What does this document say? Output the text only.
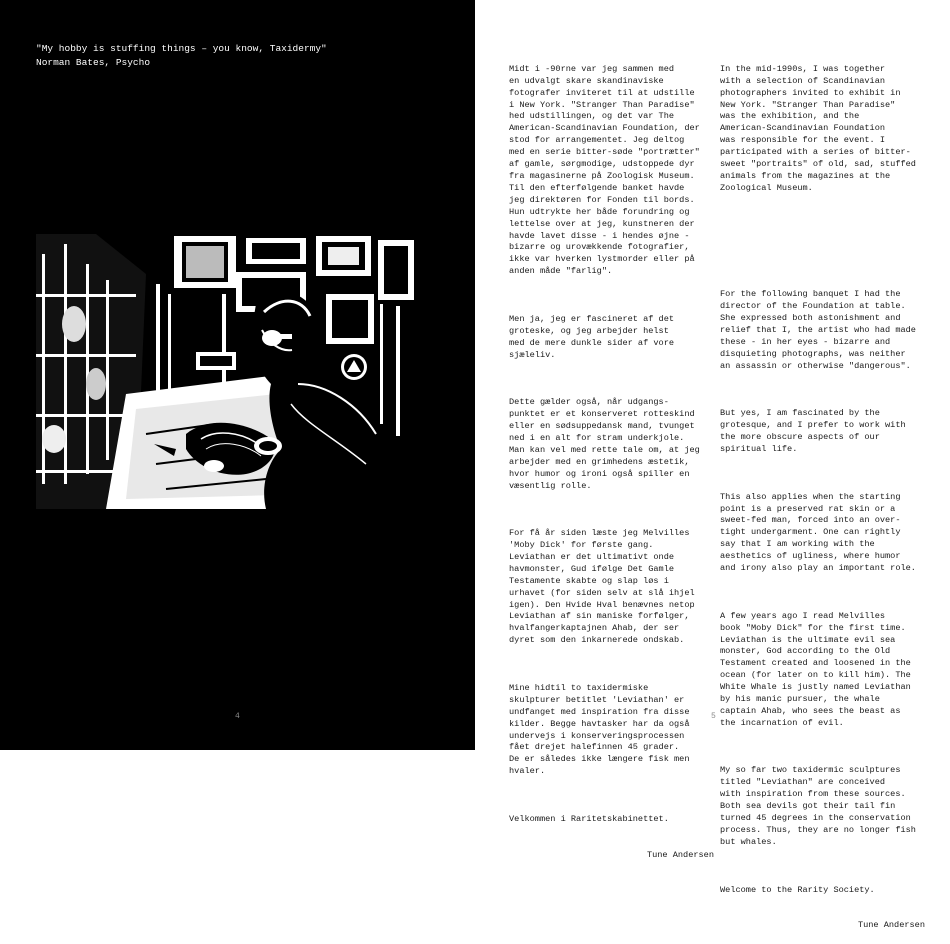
"My hobby is stuffing things – you know, Taxidermy"
Norman Bates, Psycho
4	5

Midt i -90rne var jeg sammen med
en udvalgt skare skandinaviske
fotografer inviteret til at udstille
i New York. "Stranger Than Paradise"
hed udstillingen, og det var The
American-Scandinavian Foundation, der
stod for arrangementet. Jeg deltog
med en serie bitter-søde "portrætter"
af gamle, sørgmodige, udstoppede dyr
fra magasinerne på Zoologisk Museum.
Til den efterfølgende banket havde
jeg direktøren for Fonden til bords.
Hun udtrykte her både forundring og
lettelse over at jeg, kunstneren der
havde lavet disse - i hendes øjne -
bizarre og urovækkende fotografier,
ikke var hverken lystmorder eller på
anden måde "farlig".

Men ja, jeg er fascineret af det
groteske, og jeg arbejder helst
med de mere dunkle sider af vore
sjæleliv.

Dette gælder også, når udgangs-
punktet er et konserveret rotteskind
eller en sødsuppedansk mand, tvunget
ned i en alt for stram underkjole.
Man kan vel med rette tale om, at jeg
arbejder med en grimhedens æstetik,
hvor humor og ironi også spiller en
væsentlig rolle.

For få år siden læste jeg Melvilles
'Moby Dick' for første gang.
Leviathan er det ultimativt onde
havmonster, Gud ifølge Det Gamle
Testamente skabte og slap løs i
urhavet (for siden selv at slå ihjel
igen). Den Hvide Hval benævnes netop
Leviathan af sin maniske forfølger,
hvalfangerkaptajnen Ahab, der ser
dyret som den inkarnerede ondskab.

Mine hidtil to taxidermiske
skulpturer betitlet 'Leviathan' er
undfanget med inspiration fra disse
kilder. Begge havtasker har da også
undervejs i konserveringsprocessen
fået drejet halefinnen 45 grader.
De er således ikke længere fisk men
hvaler.

Velkommen i Raritetskabinettet.

Tune Andersen

In the mid-1990s, I was together
with a selection of Scandinavian
photographers invited to exhibit in
New York. "Stranger Than Paradise"
was the exhibition, and the
American-Scandinavian Foundation
was responsible for the event. I
participated with a series of bitter-
sweet "portraits" of old, sad, stuffed
animals from the magazines at the
Zoological Museum.

For the following banquet I had the
director of the Foundation at table.
She expressed both astonishment and
relief that I, the artist who had made
these - in her eyes - bizarre and
disquieting photographs, was neither
an assassin or otherwise "dangerous".

But yes, I am fascinated by the
grotesque, and I prefer to work with
the more obscure aspects of our
spiritual life.

This also applies when the starting
point is a preserved rat skin or a
sweet-fed man, forced into an over-
tight undergarment. One can rightly
say that I am working with the
aesthetics of ugliness, where humor
and irony also play an important role.

A few years ago I read Melvilles
book "Moby Dick" for the first time.
Leviathan is the ultimate evil sea
monster, God according to the Old
Testament created and loosened in the
ocean (for later on to kill him). The
White Whale is justly named Leviathan
by his manic pursuer, the whale
captain Ahab, who sees the beast as
the incarnation of evil.

My so far two taxidermic sculptures
titled "Leviathan" are conceived
with inspiration from these sources.
Both sea devils got their tail fin
turned 45 degrees in the conservation
process. Thus, they are no longer fish
but whales.

Welcome to the Rarity Society.

Tune Andersen
